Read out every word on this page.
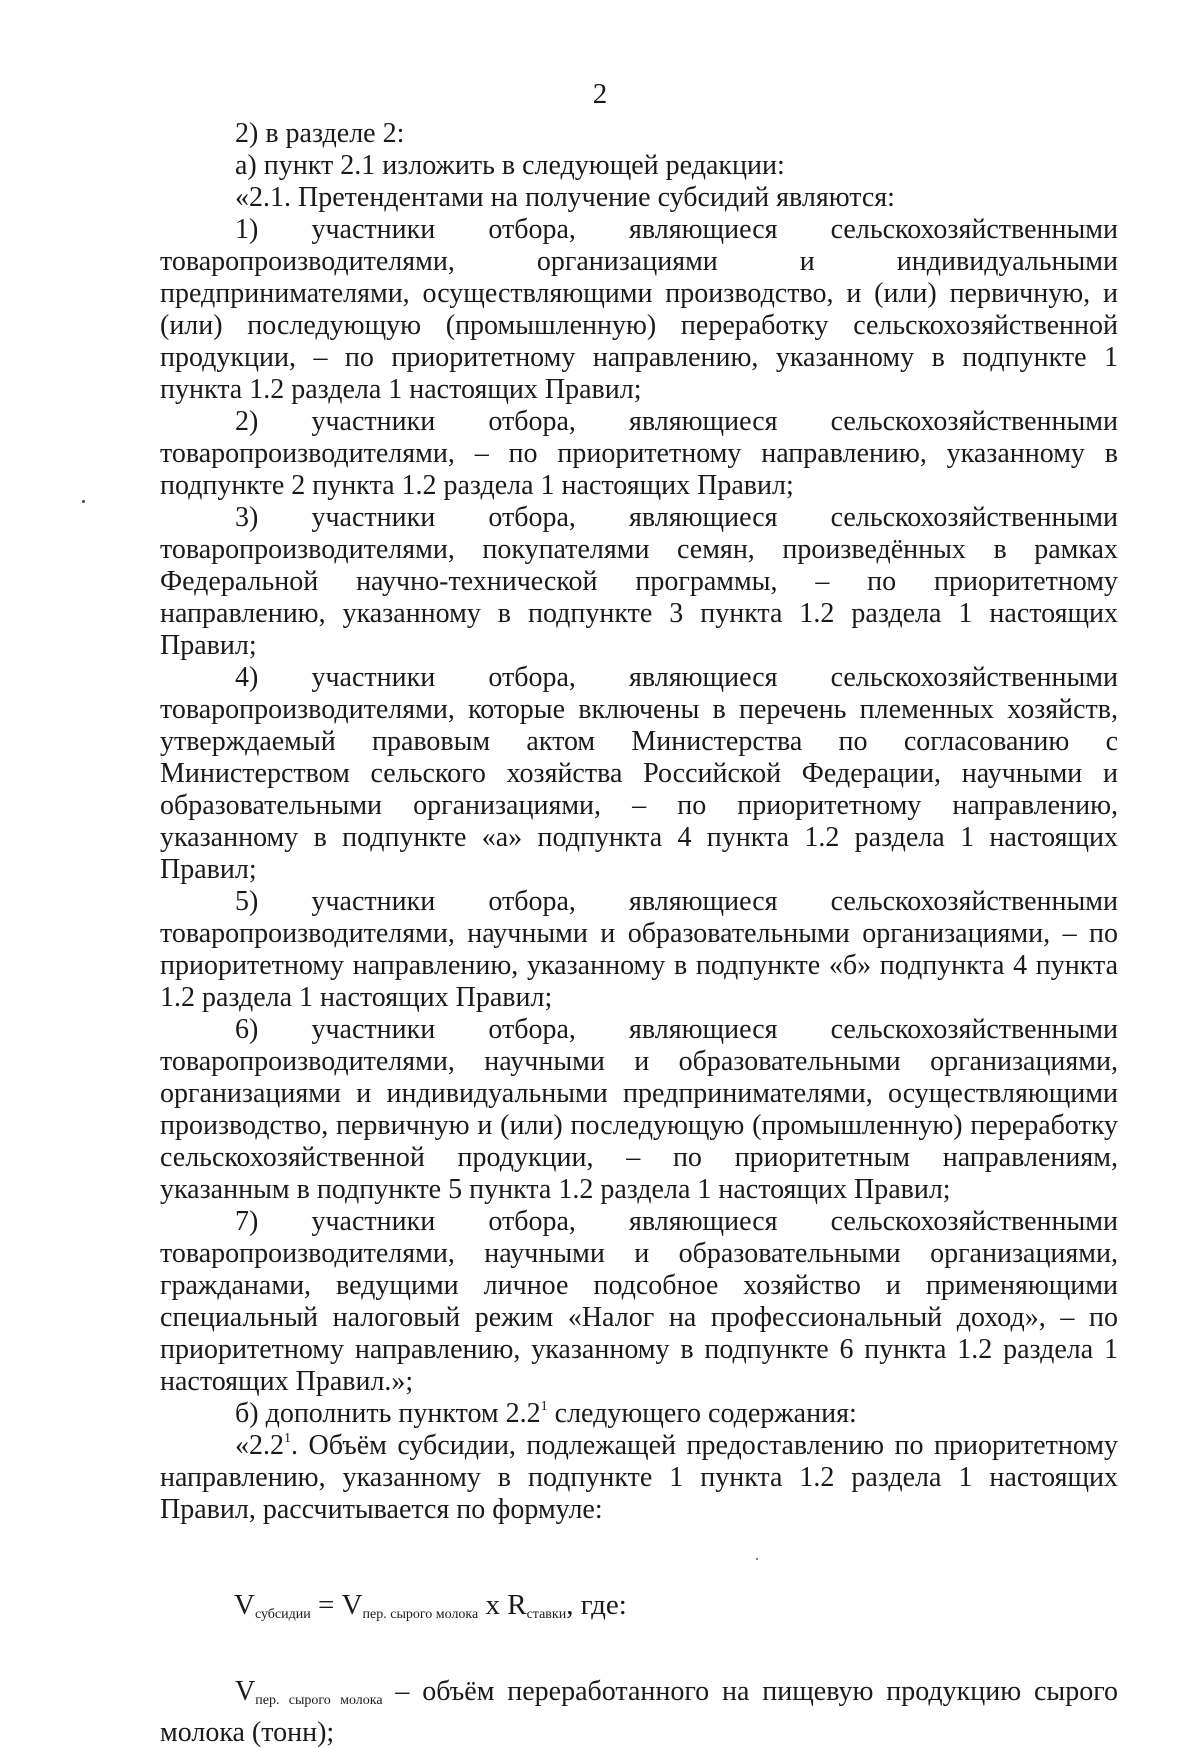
2

2) в разделе 2:

а) пункт 2.1 изложить в следующей редакции:

«2.1. Претендентами на получение субсидий являются:

1) участники отбора, являющиеся сельскохозяйственными товаропроизводителями, организациями и индивидуальными предпринимателями, осуществляющими производство, и (или) первичную, и (или) последующую (промышленную) переработку сельскохозяйственной продукции, – по приоритетному направлению, указанному в подпункте 1 пункта 1.2 раздела 1 настоящих Правил;

2) участники отбора, являющиеся сельскохозяйственными товаропроизводителями, – по приоритетному направлению, указанному в подпункте 2 пункта 1.2 раздела 1 настоящих Правил;

3) участники отбора, являющиеся сельскохозяйственными товаропроизводителями, покупателями семян, произведённых в рамках Федеральной научно-технической программы, – по приоритетному направлению, указанному в подпункте 3 пункта 1.2 раздела 1 настоящих Правил;

4) участники отбора, являющиеся сельскохозяйственными товаропроизводителями, которые включены в перечень племенных хозяйств, утверждаемый правовым актом Министерства по согласованию с Министерством сельского хозяйства Российской Федерации, научными и образовательными организациями, – по приоритетному направлению, указанному в подпункте «а» подпункта 4 пункта 1.2 раздела 1 настоящих Правил;

5) участники отбора, являющиеся сельскохозяйственными товаропроизводителями, научными и образовательными организациями, – по приоритетному направлению, указанному в подпункте «б» подпункта 4 пункта 1.2 раздела 1 настоящих Правил;

6) участники отбора, являющиеся сельскохозяйственными товаропроизводителями, научными и образовательными организациями, организациями и индивидуальными предпринимателями, осуществляющими производство, первичную и (или) последующую (промышленную) переработку сельскохозяйственной продукции, – по приоритетным направлениям, указанным в подпункте 5 пункта 1.2 раздела 1 настоящих Правил;

7) участники отбора, являющиеся сельскохозяйственными товаропроизводителями, научными и образовательными организациями, гражданами, ведущими личное подсобное хозяйство и применяющими специальный налоговый режим «Налог на профессиональный доход», – по приоритетному направлению, указанному в подпункте 6 пункта 1.2 раздела 1 настоящих Правил.»;

б) дополнить пунктом $2.2^1$ следующего содержания:

«$2.2^1$. Объём субсидии, подлежащей предоставлению по приоритетному направлению, указанному в подпункте 1 пункта 1.2 раздела 1 настоящих Правил, рассчитывается по формуле:

$V_{субсидии} = V_{пер. сырого молока}$ x $R_{ставки}$, где:

$V_{пер. сырого молока}$ – объём переработанного на пищевую продукцию сырого молока (тонн);
